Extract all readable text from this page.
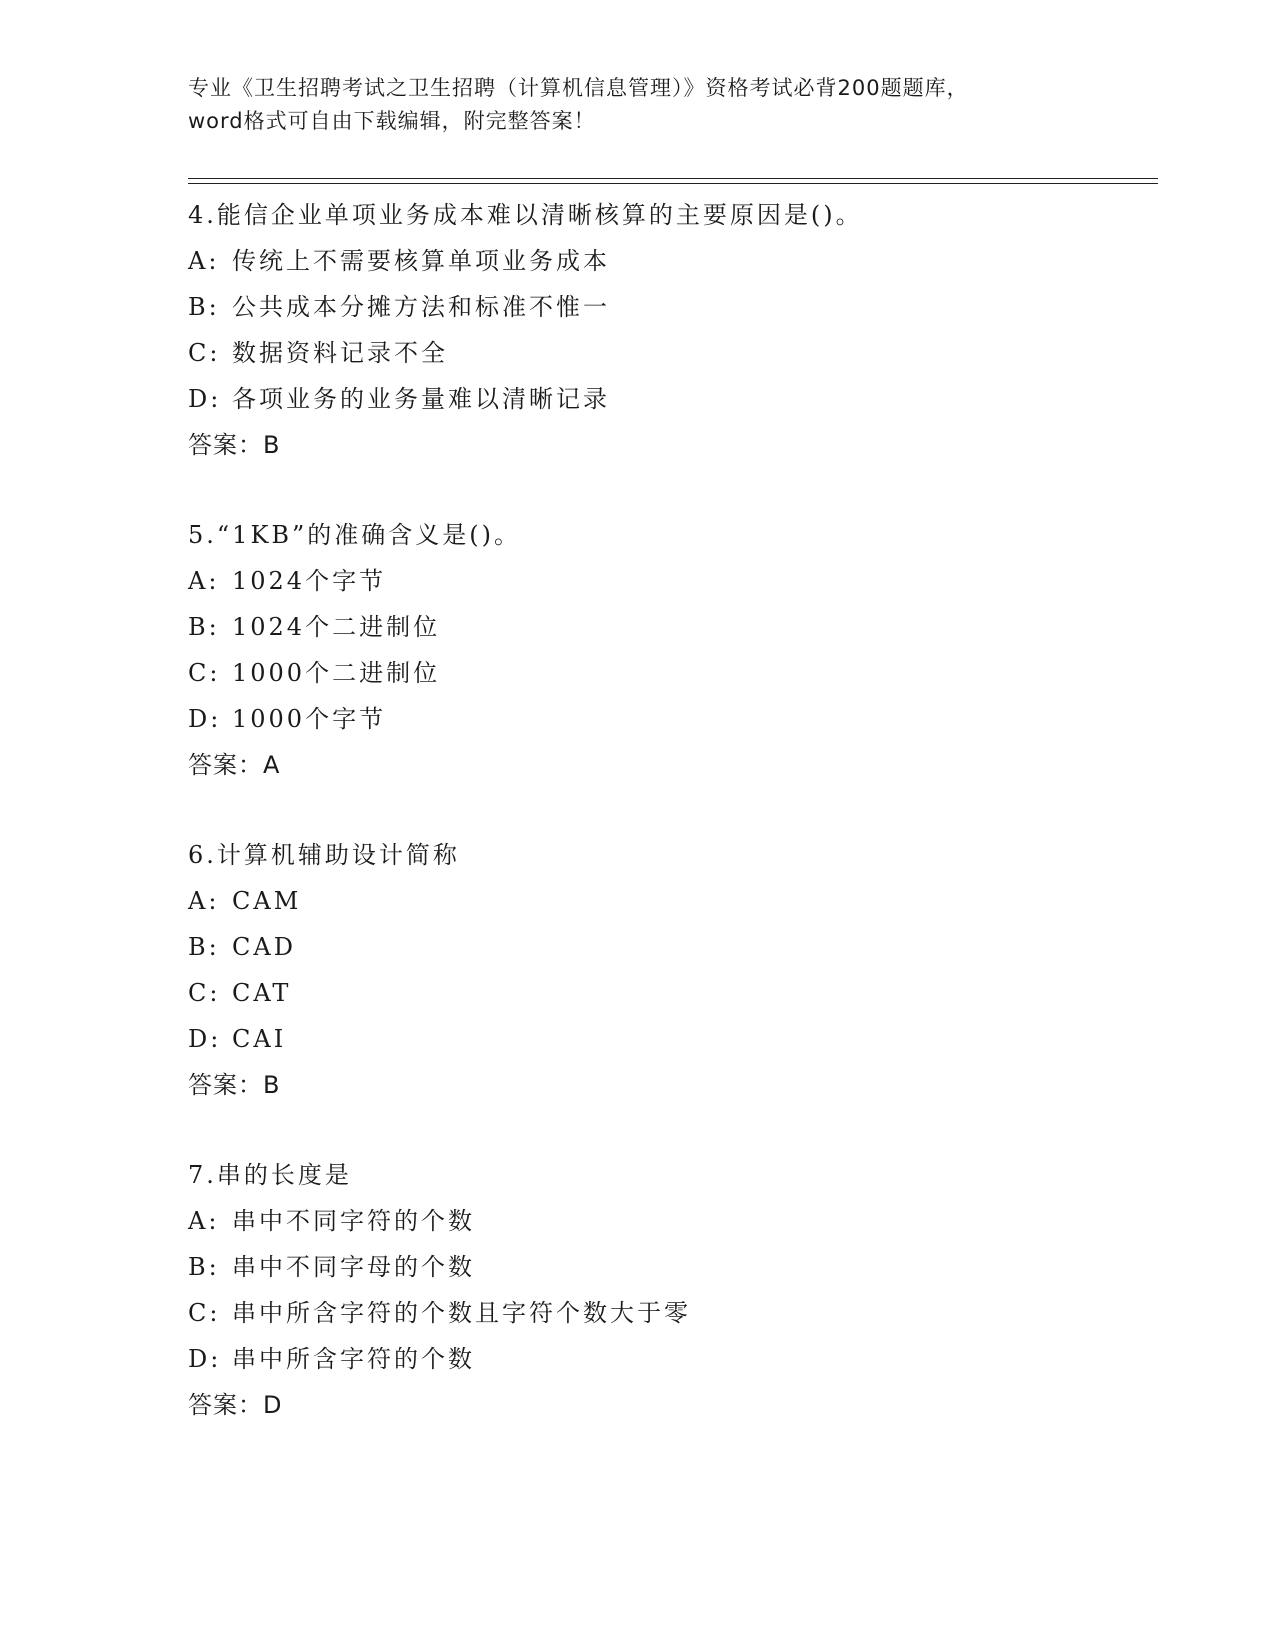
专业《卫生招聘考试之卫生招聘（计算机信息管理）》资格考试必背200题题库，
word格式可自由下载编辑，附完整答案！
4.能信企业单项业务成本难以清晰核算的主要原因是()。
A: 传统上不需要核算单项业务成本
B: 公共成本分摊方法和标准不惟一
C: 数据资料记录不全
D: 各项业务的业务量难以清晰记录
答案：B
5.“1KB”的准确含义是()。
A: 1024个字节
B: 1024个二进制位
C: 1000个二进制位
D: 1000个字节
答案：A
6.计算机辅助设计简称
A: CAM
B: CAD
C: CAT
D: CAI
答案：B
7.串的长度是
A: 串中不同字符的个数
B: 串中不同字母的个数
C: 串中所含字符的个数且字符个数大于零
D: 串中所含字符的个数
答案：D
